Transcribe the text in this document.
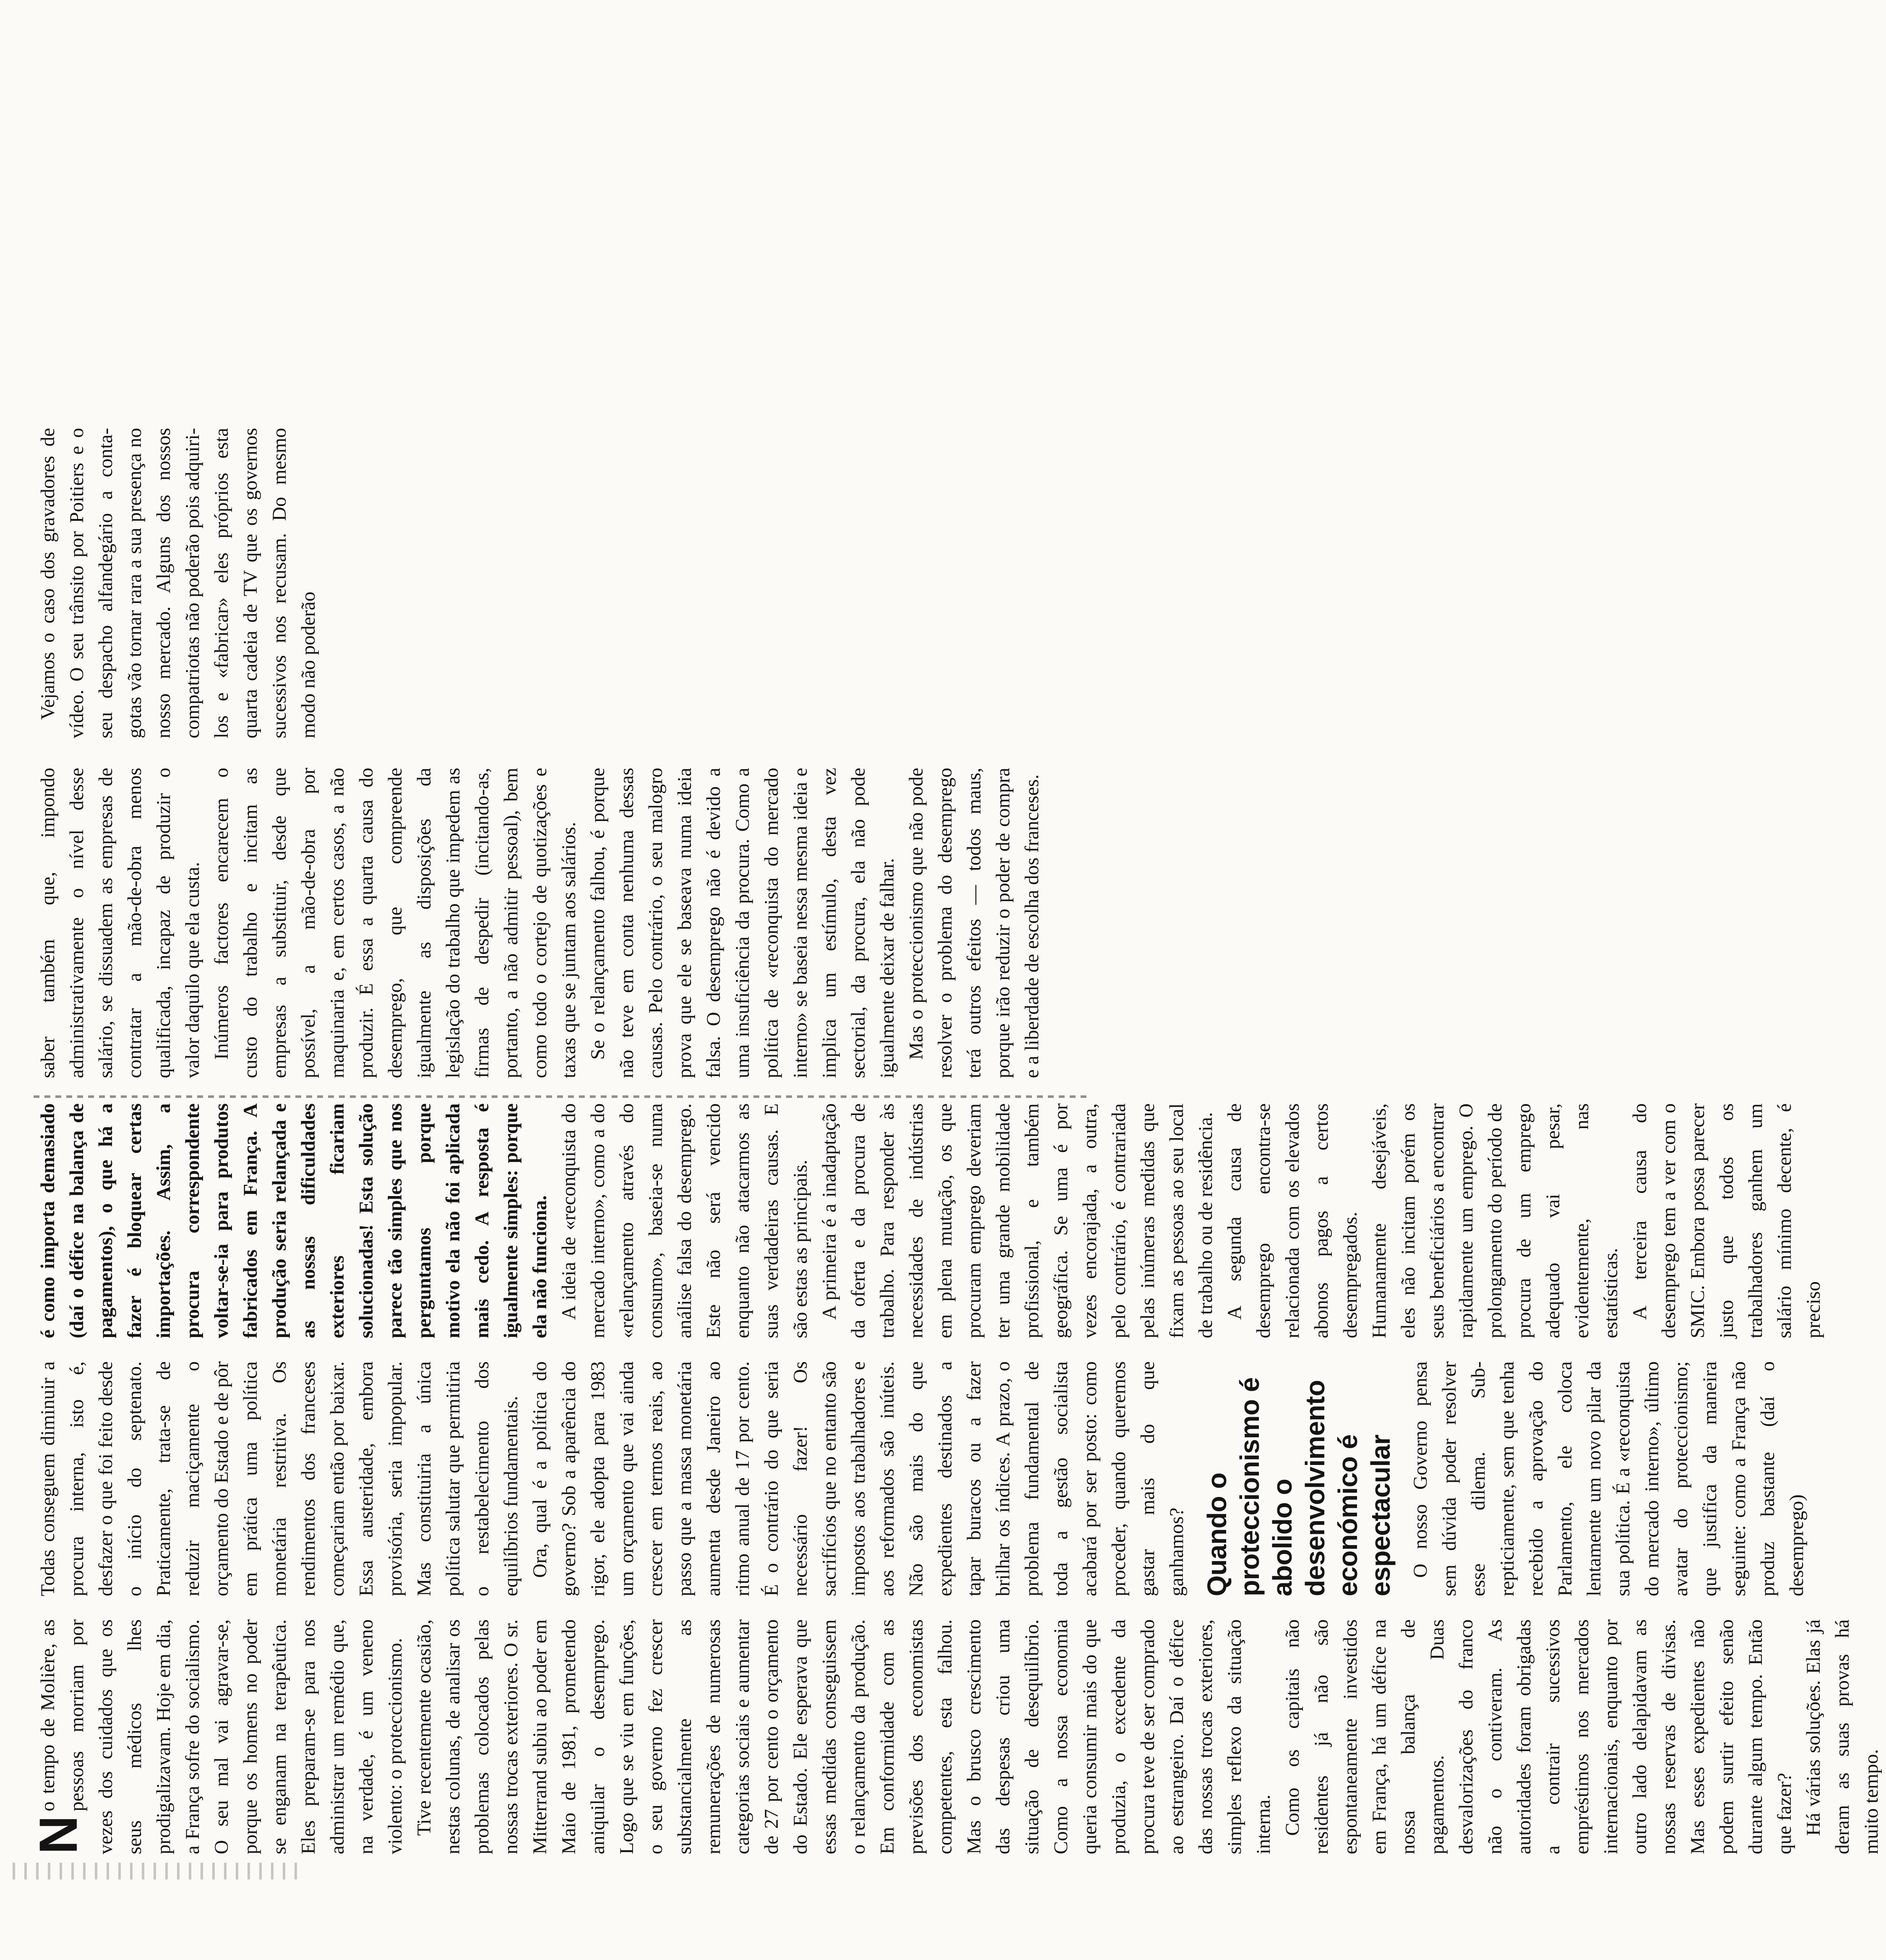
N
o tempo de Molière, as pessoas morriam por vezes dos cuidados que os seus médicos lhes prodigalizavam. Hoje em dia, a França sofre do socialismo. O seu mal vai agravar-se, porque os homens no poder se enganam na terapêutica. Eles preparam-se para nos administrar um remédio que, na verdade, é um veneno violento: o proteccionismo. Tive recentemente ocasião, nestas colunas, de analisar os problemas colocados pelas nossas trocas exteriores. O sr. Mitterrand subiu ao poder em Maio de 1981, prometendo aniquilar o desemprego. Logo que se viu em funções, o seu governo fez crescer substancialmente as remunerações de numerosas categorias sociais e aumentar de 27 por cento o orçamento do Estado. Ele esperava que essas medidas conseguissem o relançamento da produção. Em conformidade com as previsões dos economistas competentes, esta falhou. Mas o brusco crescimento das despesas criou uma situação de desequilíbrio. Como a nossa economia queria consumir mais do que produzia, o excedente da procura teve de ser comprado ao estrangeiro. Daí o défice das nossas trocas exteriores, simples reflexo da situação interna. Como os capitais não residentes já não são espontaneamente investidos em França, há um défice na nossa balança de pagamentos. Duas desvalorizações do franco não o contiveram. As autoridades foram obrigadas a contrair sucessivos empréstimos nos mercados internacionais, enquanto por outro lado delapidavam as nossas reservas de divisas. Mas esses expedientes não podem surtir efeito senão durante algum tempo. Então que fazer? Há várias soluções. Elas já deram as suas provas há muito tempo.

Todas conseguem diminuir a procura interna, isto é, desfazer o que foi feito desde o início do septenato. Praticamente, trata-se de reduzir maciçamente o orçamento do Estado e de pôr em prática uma política monetária restritiva. Os rendimentos dos franceses começariam então por baixar. Essa austeridade, embora provisória, seria impopular. Mas constituiria a única política salutar que permitiria o restabelecimento dos equilíbrios fundamentais. Ora, qual é a política do governo? Sob a aparência do rigor, ele adopta para 1983 um orçamento que vai ainda crescer em termos reais, ao passo que a massa monetária aumenta desde Janeiro ao ritmo anual de 17 por cento. É o contrário do que seria necessário fazer! Os sacrifícios que no entanto são impostos aos trabalhadores e aos reformados são inúteis. Não são mais do que expedientes destinados a tapar buracos ou a fazer brilhar os índices. A prazo, o problema fundamental de toda a gestão socialista acabará por ser posto: como proceder, quando queremos gastar mais do que ganhamos? Quando o proteccionismo é abolido o desenvolvimento económico é espectacular O nosso Governo pensa sem dúvida poder resolver esse dilema. Sub-repticiamente, sem que tenha recebido a aprovação do Parlamento, ele coloca lentamente um novo pilar da sua política. É a «reconquista do mercado interno», último avatar do proteccionismo; que justifica da maneira seguinte: como a França não produz bastante (daí o desemprego)

é como importa demasiado (daí o défice na balança de pagamentos), o que há a fazer é bloquear certas importações. Assim, a procura correspondente voltar-se-ia para produtos fabricados em França. A produção seria relançada e as nossas dificuldades exteriores ficariam solucionadas! Esta solução parece tão simples que nos perguntamos porque motivo ela não foi aplicada mais cedo. A resposta é igualmente simples: porque ela não funciona. A ideia de «reconquista do mercado interno», como a do «relançamento através do consumo», baseia-se numa análise falsa do desemprego. Este não será vencido enquanto não atacarmos as suas verdadeiras causas. E são estas as principais. A primeira é a inadaptação da oferta e da procura de trabalho. Para responder às necessidades de indústrias em plena mutação, os que procuram emprego deveriam ter uma grande mobilidade profissional, e também geográfica. Se uma é por vezes encorajada, a outra, pelo contrário, é contrariada pelas inúmeras medidas que fixam as pessoas ao seu local de trabalho ou de residência. A segunda causa de desemprego encontra-se relacionada com os elevados abonos pagos a certos desempregados. Humanamente desejáveis, eles não incitam porém os seus beneficiários a encontrar rapidamente um emprego. O prolongamento do período de procura de um emprego adequado vai pesar, evidentemente, nas estatísticas. A terceira causa do desemprego tem a ver com o SMIC. Embora possa parecer justo que todos os trabalhadores ganhem um salário mínimo decente, é preciso

saber também que, impondo administrativamente o nível desse salário, se dissuadem as empresas de contratar a mão-de-obra menos qualificada, incapaz de produzir o valor daquilo que ela custa. Inúmeros factores encarecem o custo do trabalho e incitam as empresas a substituir, desde que possível, a mão-de-obra por maquinaria e, em certos casos, a não produzir. É essa a quarta causa do desemprego, que compreende igualmente as disposições da legislação do trabalho que impedem as firmas de despedir (incitando-as, portanto, a não admitir pessoal), bem como todo o cortejo de quotizações e taxas que se juntam aos salários. Se o relançamento falhou, é porque não teve em conta nenhuma dessas causas. Pelo contrário, o seu malogro prova que ele se baseava numa ideia falsa. O desemprego não é devido a uma insuficiência da procura. Como a política de «reconquista do mercado interno» se baseia nessa mesma ideia e implica um estímulo, desta vez sectorial, da procura, ela não pode igualmente deixar de falhar. Mas o proteccionismo que não pode resolver o problema do desemprego terá outros efeitos — todos maus, porque irão reduzir o poder de compra e a liberdade de escolha dos franceses.

Vejamos o caso dos gravadores de vídeo. O seu trânsito por Poitiers e o seu despacho alfandegário a conta-gotas vão tornar rara a sua presença no nosso mercado. Alguns dos nossos compatriotas não poderão pois adquiri-los e «fabricar» eles próprios esta quarta cadeia de TV que os governos sucessivos nos recusam. Do mesmo modo não poderão
